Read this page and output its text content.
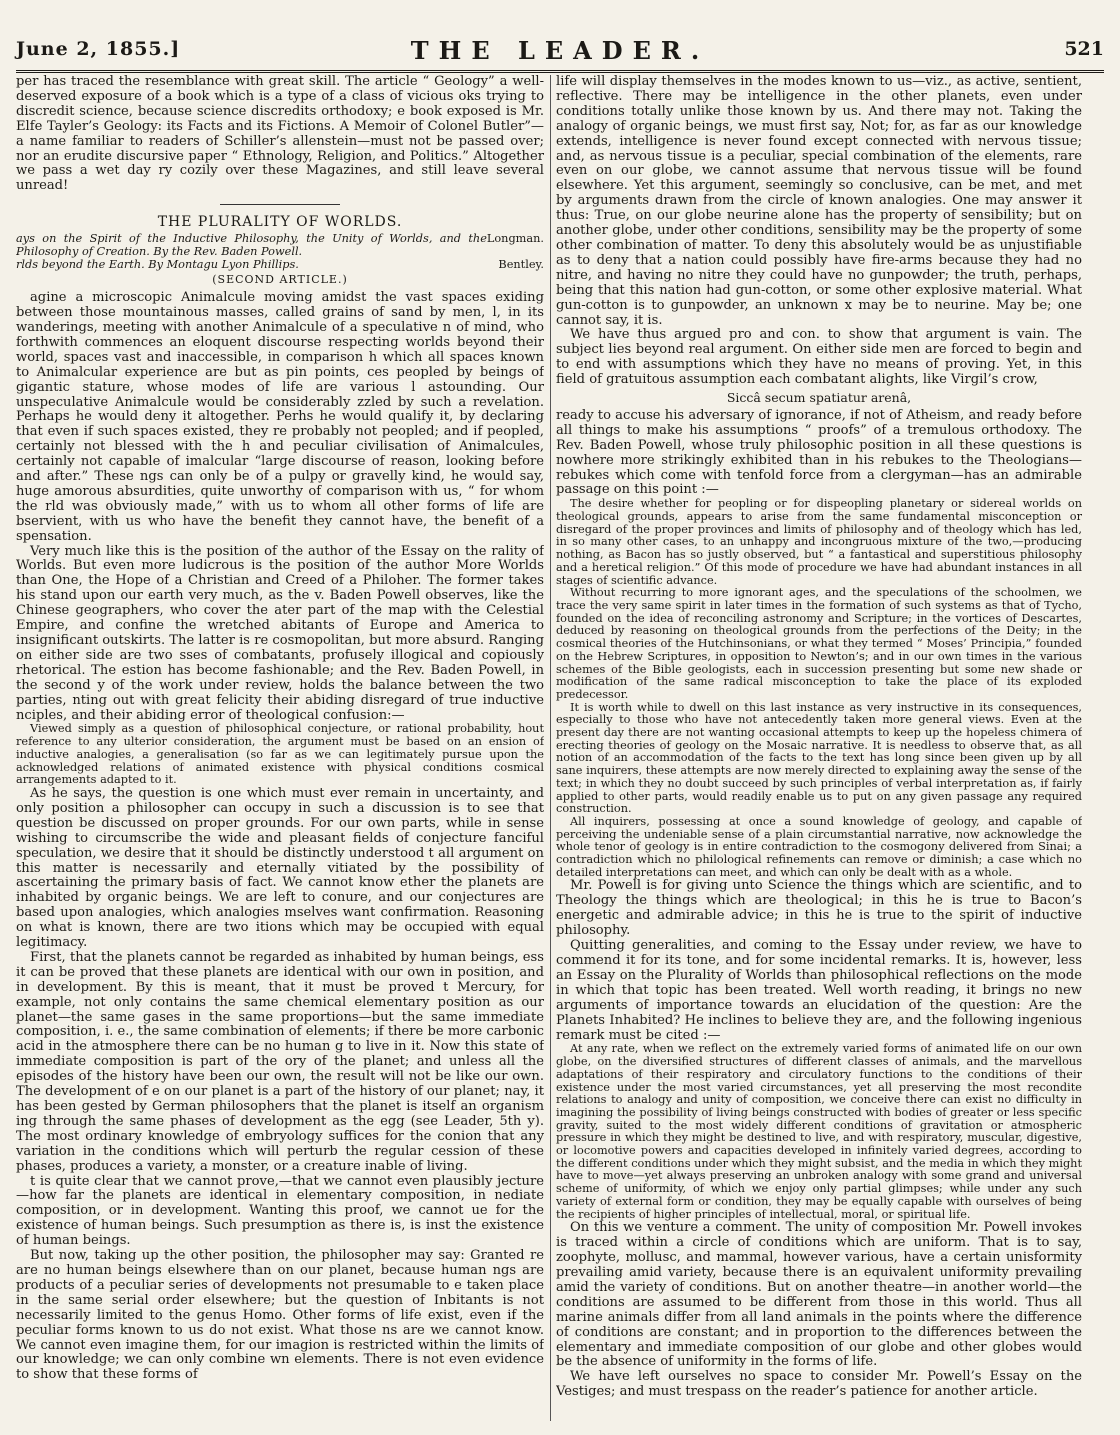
June 2, 1855.]	THE LEADER.	521

per has traced the resemblance with great skill. The article “ Geology” a well-deserved exposure of a book which is a type of a class of vicious oks trying to discredit science, because science discredits orthodoxy; e book exposed is Mr. Elfe Tayler’s Geology: its Facts and its Fictions. A Memoir of Colonel Butler”—a name familiar to readers of Schiller’s allenstein—must not be passed over; nor an erudite discursive paper “ Ethnology, Religion, and Politics.” Altogether we pass a wet day ry cozily over these Magazines, and still leave several unread!

THE PLURALITY OF WORLDS.
ays on the Spirit of the Inductive Philosophy, the Unity of Worlds, and the Philosophy of Creation. By the Rev. Baden Powell.
Longman.
rlds beyond the Earth. By Montagu Lyon Phillips.	Bentley.
(SECOND ARTICLE.)

agine a microscopic Animalcule moving amidst the vast spaces exiding between those mountainous masses, called grains of sand by men, l, in its wanderings, meeting with another Animalcule of a speculative n of mind, who forthwith commences an eloquent discourse respecting worlds beyond their world, spaces vast and inaccessible, in comparison h which all spaces known to Animalcular experience are but as pin points, ces peopled by beings of gigantic stature, whose modes of life are various l astounding. Our unspeculative Animalcule would be considerably zzled by such a revelation. Perhaps he would deny it altogether. Perhs he would qualify it, by declaring that even if such spaces existed, they re probably not peopled; and if peopled, certainly not blessed with the h and peculiar civilisation of Animalcules, certainly not capable of imalcular “large discourse of reason, looking before and after.” These ngs can only be of a pulpy or gravelly kind, he would say, huge amorous absurdities, quite unworthy of comparison with us, “ for whom the rld was obviously made,” with us to whom all other forms of life are bservient, with us who have the benefit they cannot have, the benefit of a spensation.

Very much like this is the position of the author of the Essay on the rality of Worlds. But even more ludicrous is the position of the author More Worlds than One, the Hope of a Christian and Creed of a Philoher. The former takes his stand upon our earth very much, as the v. Baden Powell observes, like the Chinese geographers, who cover the ater part of the map with the Celestial Empire, and confine the wretched abitants of Europe and America to insignificant outskirts. The latter is re cosmopolitan, but more absurd. Ranging on either side are two sses of combatants, profusely illogical and copiously rhetorical. The estion has become fashionable; and the Rev. Baden Powell, in the second y of the work under review, holds the balance between the two parties, nting out with great felicity their abiding disregard of true inductive nciples, and their abiding error of theological confusion:—

Viewed simply as a question of philosophical conjecture, or rational probability, hout reference to any ulterior consideration, the argument must be based on an ension of inductive analogies, a generalisation (so far as we can legitimately pursue upon the acknowledged relations of animated existence with physical conditions cosmical arrangements adapted to it.

As he says, the question is one which must ever remain in uncertainty, and only position a philosopher can occupy in such a discussion is to see that question be discussed on proper grounds. For our own parts, while in sense wishing to circumscribe the wide and pleasant fields of conjecture fanciful speculation, we desire that it should be distinctly understood t all argument on this matter is necessarily and eternally vitiated by the possibility of ascertaining the primary basis of fact. We cannot know ether the planets are inhabited by organic beings. We are left to conure, and our conjectures are based upon analogies, which analogies mselves want confirmation. Reasoning on what is known, there are two itions which may be occupied with equal legitimacy.

First, that the planets cannot be regarded as inhabited by human beings, ess it can be proved that these planets are identical with our own in position, and in development. By this is meant, that it must be proved t Mercury, for example, not only contains the same chemical elementary position as our planet—the same gases in the same proportions—but the same immediate composition, i. e., the same combination of elements; if there be more carbonic acid in the atmosphere there can be no human g to live in it. Now this state of immediate composition is part of the ory of the planet; and unless all the episodes of the history have been our own, the result will not be like our own. The development of e on our planet is a part of the history of our planet; nay, it has been gested by German philosophers that the planet is itself an organism ing through the same phases of development as the egg (see Leader, 5th y). The most ordinary knowledge of embryology suffices for the conion that any variation in the conditions which will perturb the regular cession of these phases, produces a variety, a monster, or a creature inable of living.

t is quite clear that we cannot prove,—that we cannot even plausibly jecture—how far the planets are identical in elementary composition, in nediate composition, or in development. Wanting this proof, we cannot ue for the existence of human beings. Such presumption as there is, is inst the existence of human beings.

But now, taking up the other position, the philosopher may say: Granted re are no human beings elsewhere than on our planet, because human ngs are products of a peculiar series of developments not presumable to e taken place in the same serial order elsewhere; but the question of Inbitants is not necessarily limited to the genus Homo. Other forms of life exist, even if the peculiar forms known to us do not exist. What those ns are we cannot know. We cannot even imagine them, for our imagion is restricted within the limits of our knowledge; we can only combine wn elements. There is not even evidence to show that these forms of

life will display themselves in the modes known to us—viz., as active, sentient, reflective. There may be intelligence in the other planets, even under conditions totally unlike those known by us. And there may not. Taking the analogy of organic beings, we must first say, Not; for, as far as our knowledge extends, intelligence is never found except connected with nervous tissue; and, as nervous tissue is a peculiar, special combination of the elements, rare even on our globe, we cannot assume that nervous tissue will be found elsewhere. Yet this argument, seemingly so conclusive, can be met, and met by arguments drawn from the circle of known analogies. One may answer it thus: True, on our globe neurine alone has the property of sensibility; but on another globe, under other conditions, sensibility may be the property of some other combination of matter. To deny this absolutely would be as unjustifiable as to deny that a nation could possibly have fire-arms because they had no nitre, and having no nitre they could have no gunpowder; the truth, perhaps, being that this nation had gun-cotton, or some other explosive material. What gun-cotton is to gunpowder, an unknown x may be to neurine. May be; one cannot say, it is.

We have thus argued pro and con. to show that argument is vain. The subject lies beyond real argument. On either side men are forced to begin and to end with assumptions which they have no means of proving. Yet, in this field of gratuitous assumption each combatant alights, like Virgil’s crow,

Siccâ secum spatiatur arenâ,

ready to accuse his adversary of ignorance, if not of Atheism, and ready before all things to make his assumptions “ proofs” of a tremulous orthodoxy. The Rev. Baden Powell, whose truly philosophic position in all these questions is nowhere more strikingly exhibited than in his rebukes to the Theologians—rebukes which come with tenfold force from a clergyman—has an admirable passage on this point :—

The desire whether for peopling or for dispeopling planetary or sidereal worlds on theological grounds, appears to arise from the same fundamental misconception or disregard of the proper provinces and limits of philosophy and of theology which has led, in so many other cases, to an unhappy and incongruous mixture of the two,—producing nothing, as Bacon has so justly observed, but “ a fantastical and superstitious philosophy and a heretical religion.” Of this mode of procedure we have had abundant instances in all stages of scientific advance.

Without recurring to more ignorant ages, and the speculations of the schoolmen, we trace the very same spirit in later times in the formation of such systems as that of Tycho, founded on the idea of reconciling astronomy and Scripture; in the vortices of Descartes, deduced by reasoning on theological grounds from the perfections of the Deity; in the cosmical theories of the Hutchinsonians, or what they termed “ Moses’ Principia,” founded on the Hebrew Scriptures, in opposition to Newton’s; and in our own times in the various schemes of the Bible geologists, each in succession presenting but some new shade or modification of the same radical misconception to take the place of its exploded predecessor.

It is worth while to dwell on this last instance as very instructive in its consequences, especially to those who have not antecedently taken more general views. Even at the present day there are not wanting occasional attempts to keep up the hopeless chimera of erecting theories of geology on the Mosaic narrative. It is needless to observe that, as all notion of an accommodation of the facts to the text has long since been given up by all sane inquirers, these attempts are now merely directed to explaining away the sense of the text; in which they no doubt succeed by such principles of verbal interpretation as, if fairly applied to other parts, would readily enable us to put on any given passage any required construction.

All inquirers, possessing at once a sound knowledge of geology, and capable of perceiving the undeniable sense of a plain circumstantial narrative, now acknowledge the whole tenor of geology is in entire contradiction to the cosmogony delivered from Sinai; a contradiction which no philological refinements can remove or diminish; a case which no detailed interpretations can meet, and which can only be dealt with as a whole.

Mr. Powell is for giving unto Science the things which are scientific, and to Theology the things which are theological; in this he is true to Bacon’s energetic and admirable advice; in this he is true to the spirit of inductive philosophy.

Quitting generalities, and coming to the Essay under review, we have to commend it for its tone, and for some incidental remarks. It is, however, less an Essay on the Plurality of Worlds than philosophical reflections on the mode in which that topic has been treated. Well worth reading, it brings no new arguments of importance towards an elucidation of the question: Are the Planets Inhabited? He inclines to believe they are, and the following ingenious remark must be cited :—

At any rate, when we reflect on the extremely varied forms of animated life on our own globe, on the diversified structures of different classes of animals, and the marvellous adaptations of their respiratory and circulatory functions to the conditions of their existence under the most varied circumstances, yet all preserving the most recondite relations to analogy and unity of composition, we conceive there can exist no difficulty in imagining the possibility of living beings constructed with bodies of greater or less specific gravity, suited to the most widely different conditions of gravitation or atmospheric pressure in which they might be destined to live, and with respiratory, muscular, digestive, or locomotive powers and capacities developed in infinitely varied degrees, according to the different conditions under which they might subsist, and the media in which they might have to move—yet always preserving an unbroken analogy with some grand and universal scheme of uniformity, of which we enjoy only partial glimpses; while under any such variety of external form or condition, they may be equally capable with ourselves of being the recipients of higher principles of intellectual, moral, or spiritual life.

On this we venture a comment. The unity of composition Mr. Powell invokes is traced within a circle of conditions which are uniform. That is to say, zoophyte, mollusc, and mammal, however various, have a certain unisformity prevailing amid variety, because there is an equivalent uniformity prevailing amid the variety of conditions. But on another theatre—in another world—the conditions are assumed to be different from those in this world. Thus all marine animals differ from all land animals in the points where the difference of conditions are constant; and in proportion to the differences between the elementary and immediate composition of our globe and other globes would be the absence of uniformity in the forms of life.

We have left ourselves no space to consider Mr. Powell’s Essay on the Vestiges; and must trespass on the reader’s patience for another article.
